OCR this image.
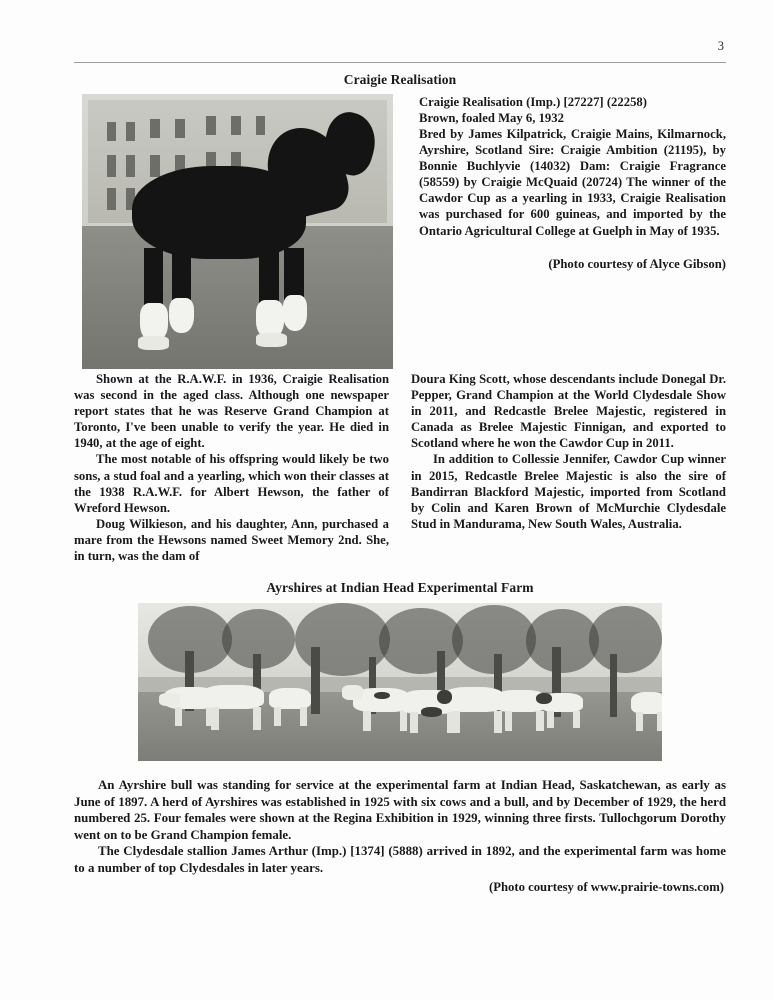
3
Craigie Realisation
Craigie Realisation (Imp.) [27227] (22258)
Brown, foaled May 6, 1932
Bred by James Kilpatrick, Craigie Mains, Kilmarnock, Ayrshire, Scotland Sire: Craigie Ambition (21195), by Bonnie Buchlyvie (14032) Dam: Craigie Fragrance (58559) by Craigie McQuaid (20724) The winner of the Cawdor Cup as a yearling in 1933, Craigie Realisation was purchased for 600 guineas, and imported by the Ontario Agricultural College at Guelph in May of 1935.
(Photo courtesy of Alyce Gibson)

Shown at the R.A.W.F. in 1936, Craigie Realisation was second in the aged class. Although one newspaper report states that he was Reserve Grand Champion at Toronto, I've been unable to verify the year. He died in 1940, at the age of eight.

The most notable of his offspring would likely be two sons, a stud foal and a yearling, which won their classes at the 1938 R.A.W.F. for Albert Hewson, the father of Wreford Hewson.

Doug Wilkieson, and his daughter, Ann, purchased a mare from the Hewsons named Sweet Memory 2nd. She, in turn, was the dam of

Doura King Scott, whose descendants include Donegal Dr. Pepper, Grand Champion at the World Clydesdale Show in 2011, and Redcastle Brelee Majestic, registered in Canada as Brelee Majestic Finnigan, and exported to Scotland where he won the Cawdor Cup in 2011.

In addition to Collessie Jennifer, Cawdor Cup winner in 2015, Redcastle Brelee Majestic is also the sire of Bandirran Blackford Majestic, imported from Scotland by Colin and Karen Brown of McMurchie Clydesdale Stud in Mandurama, New South Wales, Australia.

Ayrshires at Indian Head Experimental Farm

An Ayrshire bull was standing for service at the experimental farm at Indian Head, Saskatchewan, as early as June of 1897. A herd of Ayrshires was established in 1925 with six cows and a bull, and by December of 1929, the herd numbered 25. Four females were shown at the Regina Exhibition in 1929, winning three firsts. Tullochgorum Dorothy went on to be Grand Champion female.

The Clydesdale stallion James Arthur (Imp.) [1374] (5888) arrived in 1892, and the experimental farm was home to a number of top Clydesdales in later years.

(Photo courtesy of www.prairie-towns.com)
